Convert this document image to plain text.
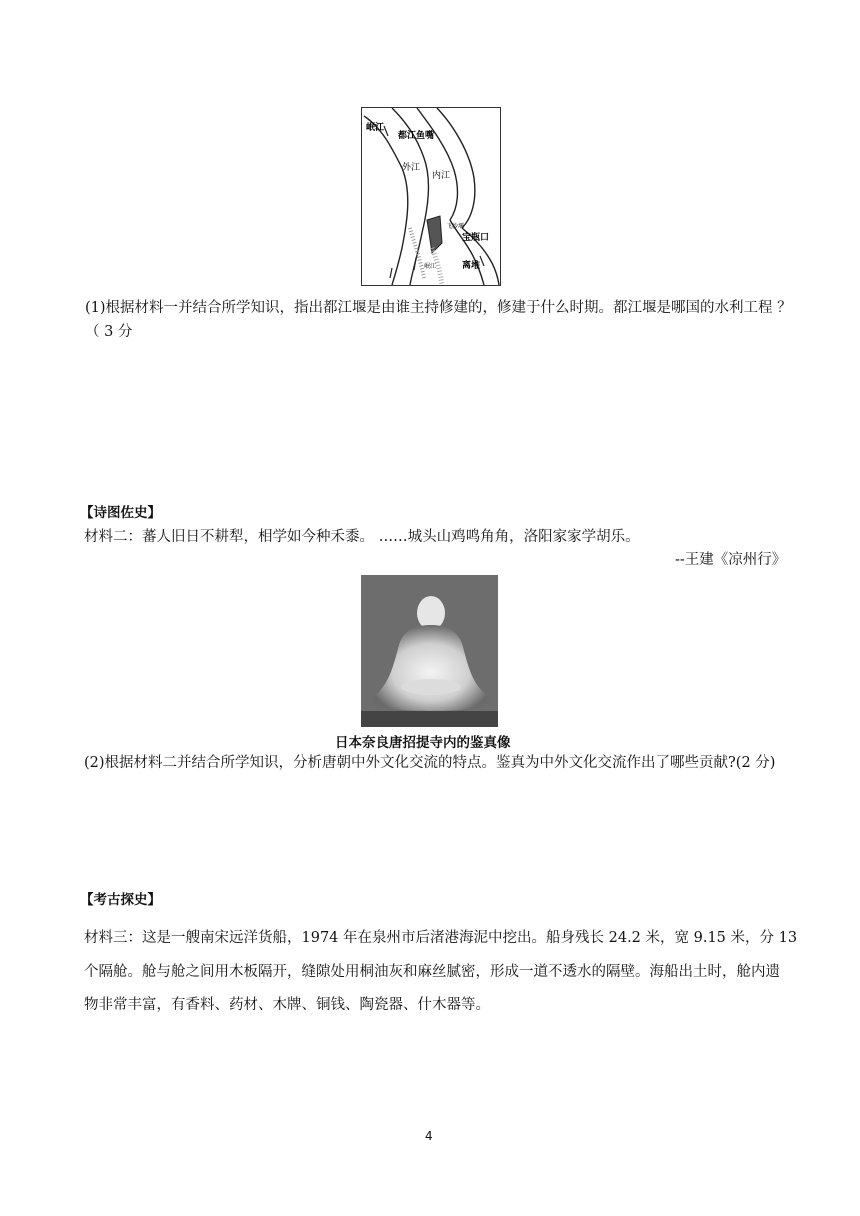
岷江
都江鱼嘴
外江
内江
飞沙堰
宝瓶口
离堆
岷江
(1)根据材料一并结合所学知识，指出都江堰是由谁主持修建的，修建于什么时期。都江堰是哪国的水利工程 ？
（ 3 分
【诗图佐史】
材料二：蕃人旧日不耕犁，相学如今种禾黍。 ……城头山鸡鸣角角，洛阳家家学胡乐。
--王建《凉州行》
日本奈良唐招提寺内的鉴真像
(2)根据材料二并结合所学知识，分析唐朝中外文化交流的特点。鉴真为中外文化交流作出了哪些贡献?(2 分)
【考古探史】
材料三：这是一艘南宋远洋货船，1974 年在泉州市后渚港海泥中挖出。船身残长 24.2 米，宽 9.15 米，分 13
个隔舱。舱与舱之间用木板隔开，缝隙处用桐油灰和麻丝腻密，形成一道不透水的隔壁。海船出土时，舱内遗
物非常丰富，有香料、药材、木牌、铜钱、陶瓷器、什木器等。
4
